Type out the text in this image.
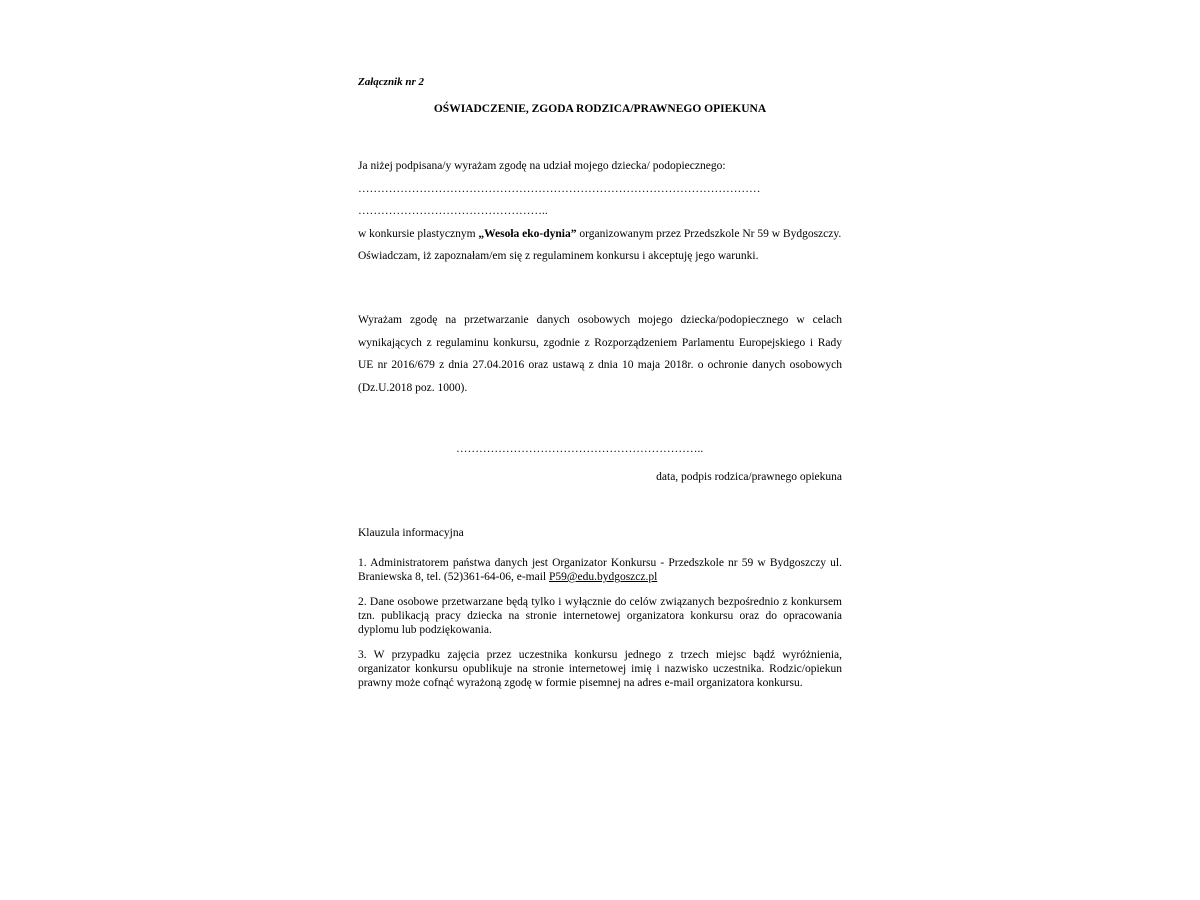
Załącznik nr 2

OŚWIADCZENIE, ZGODA RODZICA/PRAWNEGO OPIEKUNA

Ja niżej podpisana/y wyrażam zgodę na udział mojego dziecka/ podopiecznego:

……………………………………………………………………………………………

…………………………………………..

w konkursie plastycznym „Wesoła eko-dynia” organizowanym przez Przedszkole Nr 59 w Bydgoszczy.

Oświadczam, iż zapoznałam/em się z regulaminem konkursu i akceptuję jego warunki.

Wyrażam zgodę na przetwarzanie danych osobowych mojego dziecka/podopiecznego w celach wynikających z regulaminu konkursu, zgodnie z Rozporządzeniem Parlamentu Europejskiego i Rady UE nr 2016/679 z dnia 27.04.2016 oraz ustawą z dnia 10 maja 2018r. o ochronie danych osobowych (Dz.U.2018 poz. 1000).

………………………………………………………..

data, podpis rodzica/prawnego opiekuna

Klauzula informacyjna

1. Administratorem państwa danych jest Organizator Konkursu - Przedszkole nr 59 w Bydgoszczy ul. Braniewska 8, tel. (52)361-64-06, e-mail P59@edu.bydgoszcz.pl

2. Dane osobowe przetwarzane będą tylko i wyłącznie do celów związanych bezpośrednio z konkursem tzn. publikacją pracy dziecka na stronie internetowej organizatora konkursu oraz do opracowania dyplomu lub podziękowania.

3. W przypadku zajęcia przez uczestnika konkursu jednego z trzech miejsc bądź wyróżnienia, organizator konkursu opublikuje na stronie internetowej imię i nazwisko uczestnika. Rodzic/opiekun prawny może cofnąć wyrażoną zgodę w formie pisemnej na adres e-mail organizatora konkursu.
